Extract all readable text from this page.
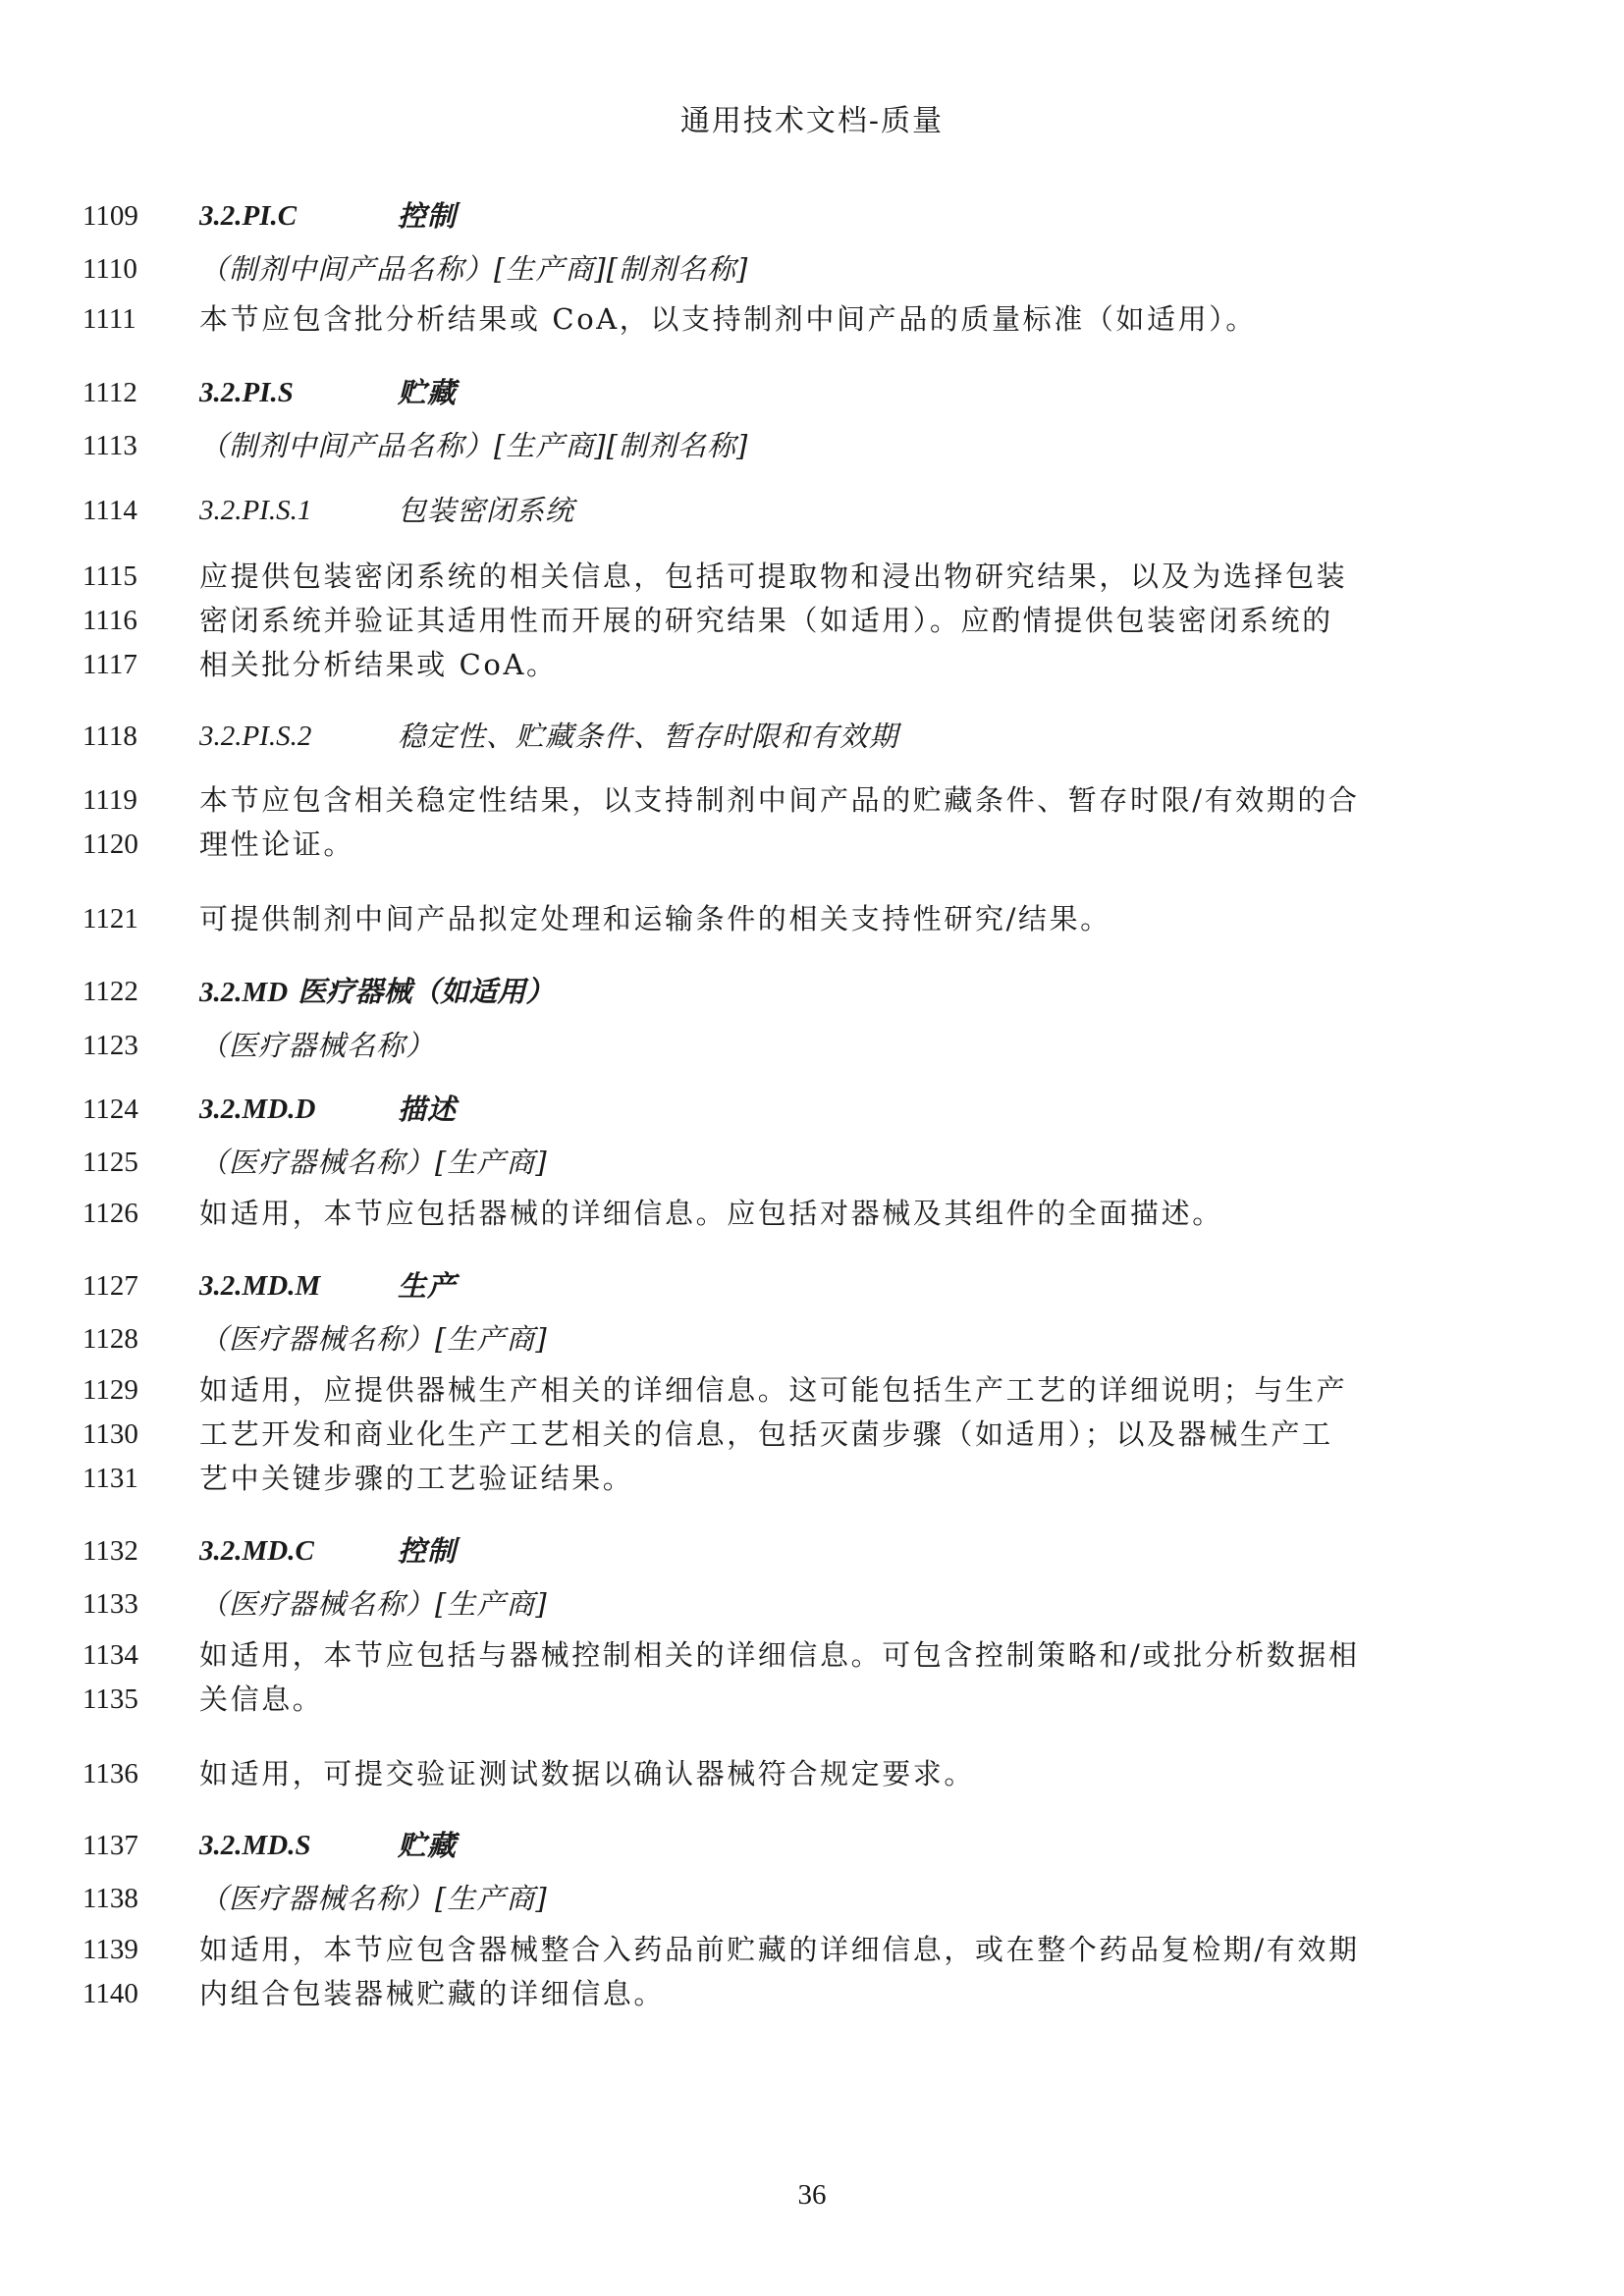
通用技术文档-质量
1109	3.2.PI.C	控制
1110	（制剂中间产品名称）[生产商][制剂名称]
1111	本节应包含批分析结果或 CoA，以支持制剂中间产品的质量标准（如适用）。
1112	3.2.PI.S	贮藏
1113	（制剂中间产品名称）[生产商][制剂名称]
1114	3.2.PI.S.1	包装密闭系统
1115	应提供包装密闭系统的相关信息，包括可提取物和浸出物研究结果，以及为选择包装
1116	密闭系统并验证其适用性而开展的研究结果（如适用）。应酌情提供包装密闭系统的
1117	相关批分析结果或 CoA。
1118	3.2.PI.S.2	稳定性、贮藏条件、暂存时限和有效期
1119	本节应包含相关稳定性结果，以支持制剂中间产品的贮藏条件、暂存时限/有效期的合
1120	理性论证。
1121	可提供制剂中间产品拟定处理和运输条件的相关支持性研究/结果。
1122	3.2.MD 医疗器械（如适用）
1123	（医疗器械名称）
1124	3.2.MD.D	描述
1125	（医疗器械名称）[生产商]
1126	如适用，本节应包括器械的详细信息。应包括对器械及其组件的全面描述。
1127	3.2.MD.M	生产
1128	（医疗器械名称）[生产商]
1129	如适用，应提供器械生产相关的详细信息。这可能包括生产工艺的详细说明；与生产
1130	工艺开发和商业化生产工艺相关的信息，包括灭菌步骤（如适用）；以及器械生产工
1131	艺中关键步骤的工艺验证结果。
1132	3.2.MD.C	控制
1133	（医疗器械名称）[生产商]
1134	如适用，本节应包括与器械控制相关的详细信息。可包含控制策略和/或批分析数据相
1135	关信息。
1136	如适用，可提交验证测试数据以确认器械符合规定要求。
1137	3.2.MD.S	贮藏
1138	（医疗器械名称）[生产商]
1139	如适用，本节应包含器械整合入药品前贮藏的详细信息，或在整个药品复检期/有效期
1140	内组合包装器械贮藏的详细信息。
36
